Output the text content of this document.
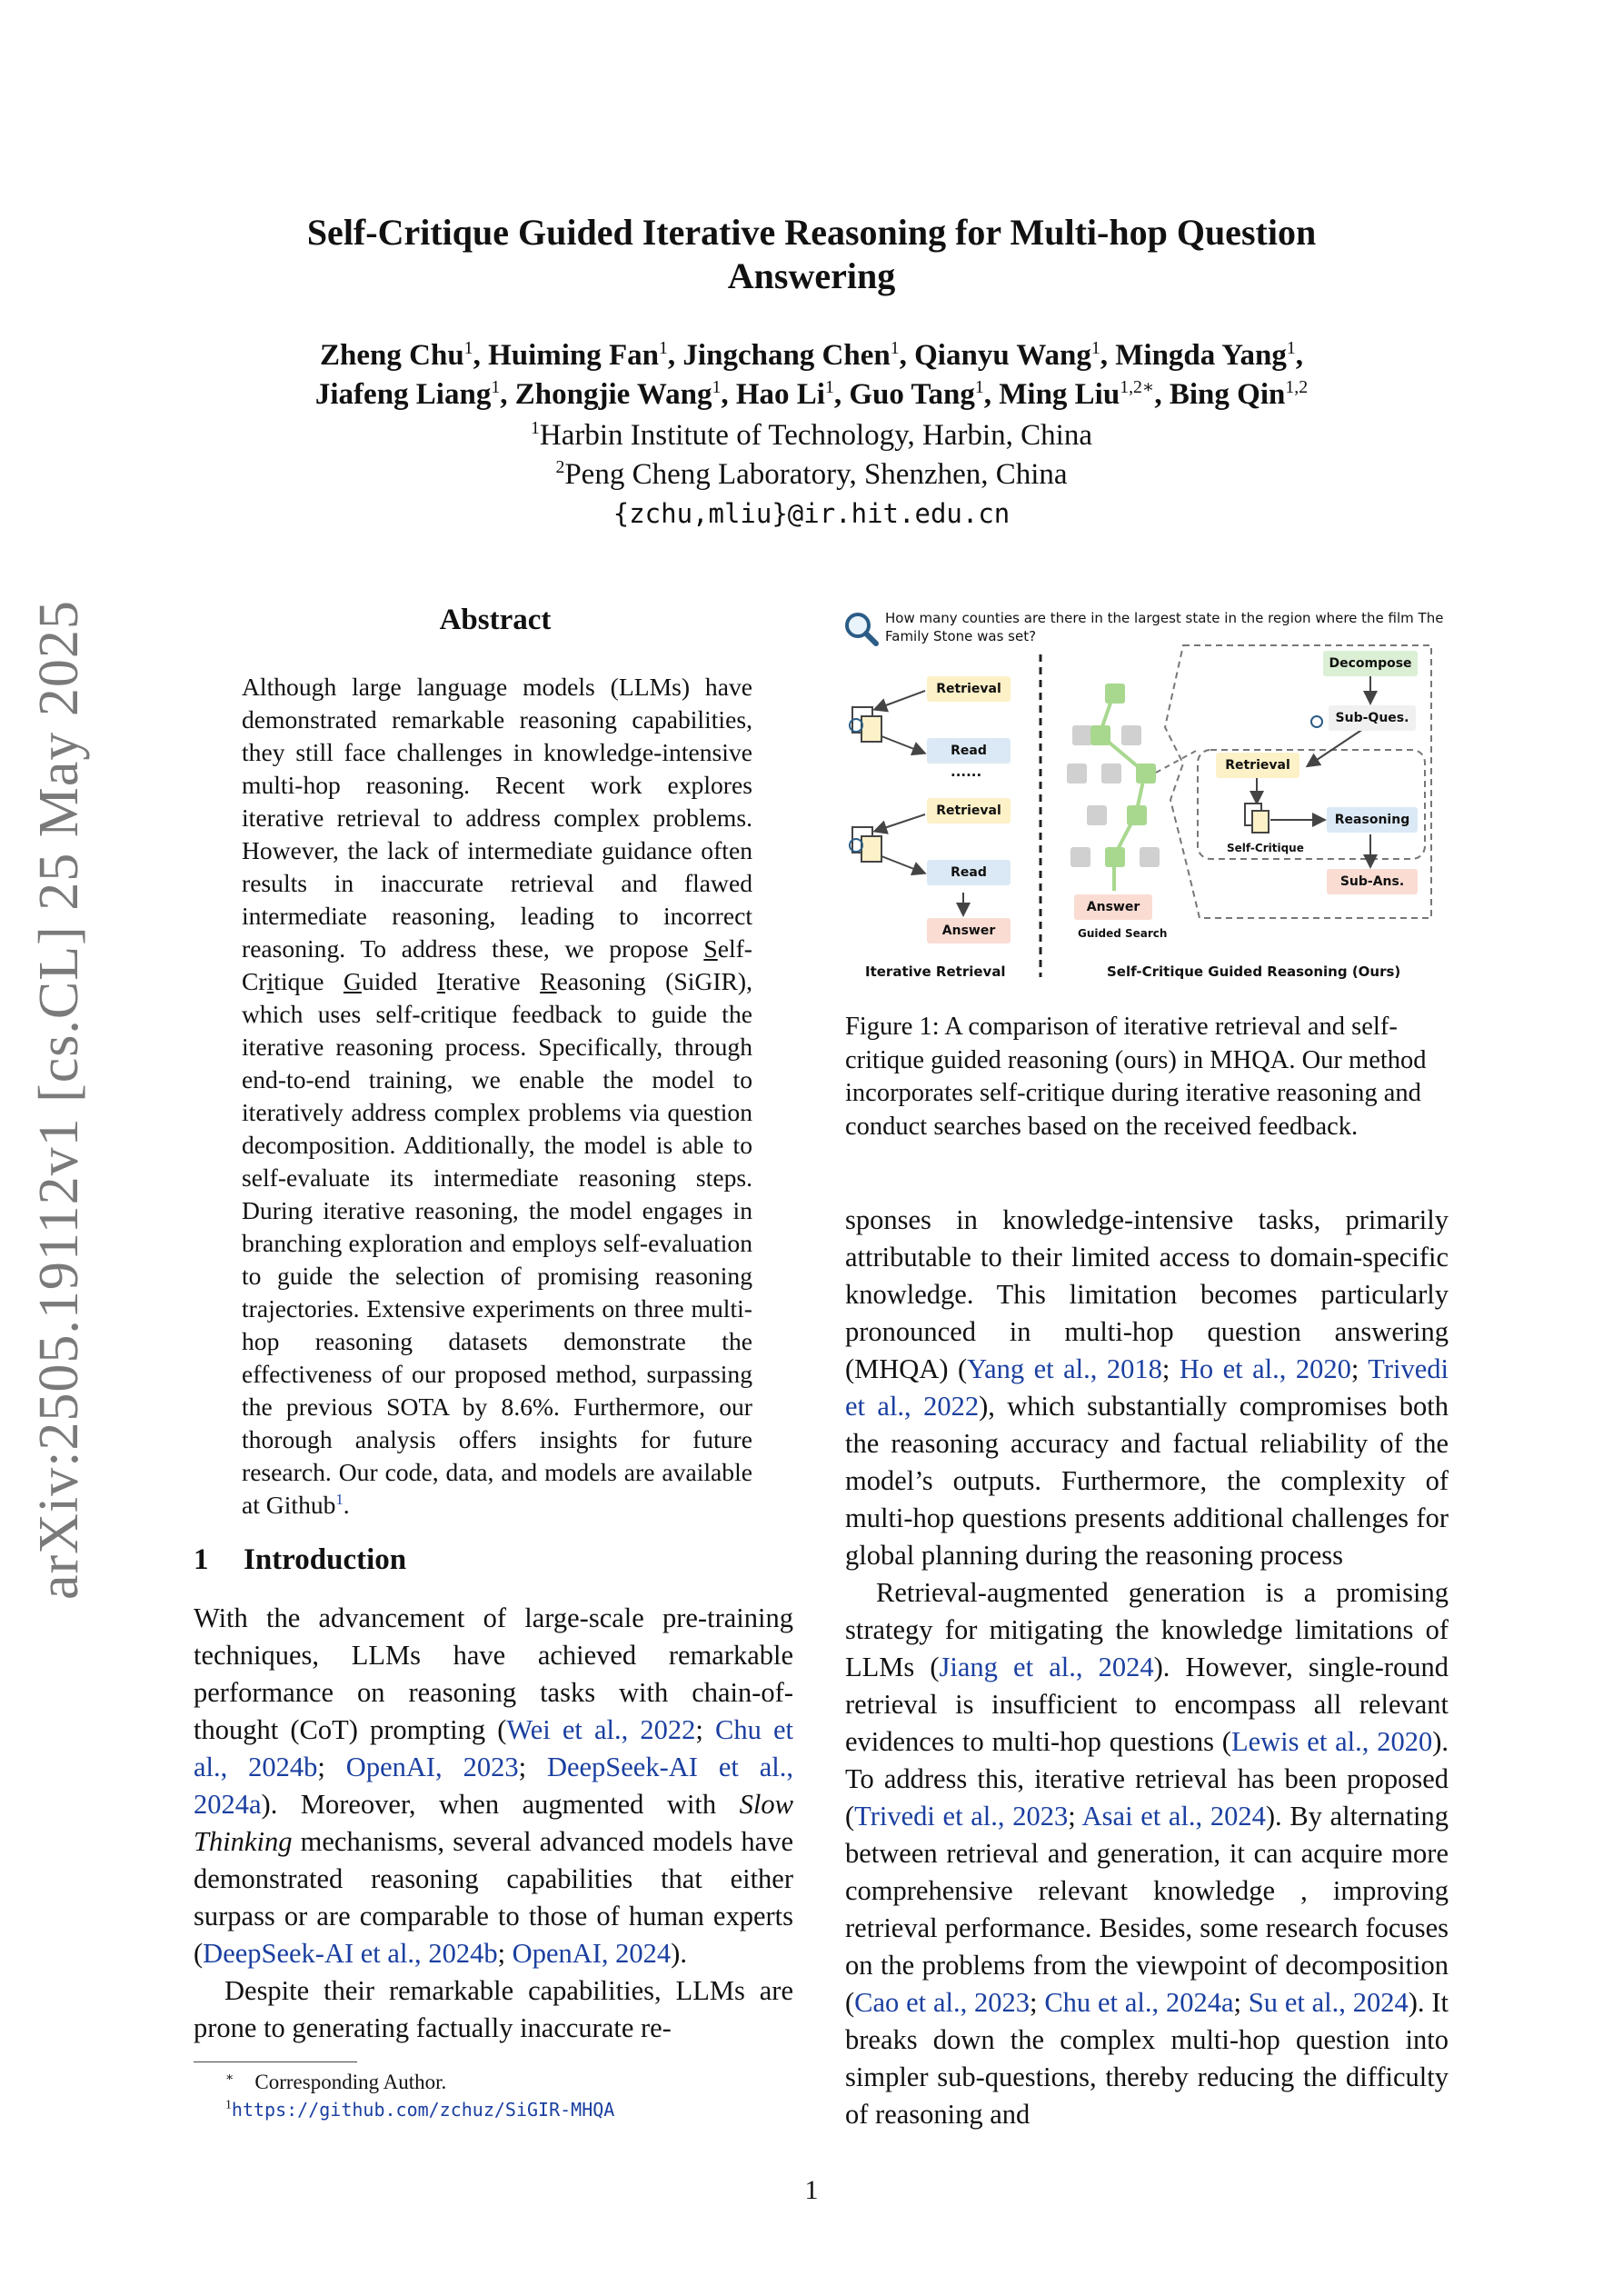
Self-Critique Guided Iterative Reasoning for Multi-hop Question
Answering
Zheng Chu$^1$, Huiming Fan$^1$, Jingchang Chen$^1$, Qianyu Wang$^1$, Mingda Yang$^1$,
Jiafeng Liang$^1$, Zhongjie Wang$^1$, Hao Li$^1$, Guo Tang$^1$, Ming Liu$^{1,2∗}$, Bing Qin$^{1,2}$
$^1$Harbin Institute of Technology, Harbin, China
$^2$Peng Cheng Laboratory, Shenzhen, China
{zchu,mliu}@ir.hit.edu.cn
arXiv:2505.19112v1 [cs.CL] 25 May 2025	Abstract
Although large language models (LLMs) have demonstrated remarkable reasoning capabilities, they still face challenges in knowledge-intensive multi-hop reasoning. Recent work explores iterative retrieval to address complex problems. However, the lack of intermediate guidance often results in inaccurate retrieval and flawed intermediate reasoning, leading to incorrect reasoning. To address these, we propose Self-Critique Guided Iterative Reasoning (SiGIR), which uses self-critique feedback to guide the iterative reasoning process. Specifically, through end-to-end training, we enable the model to iteratively address complex problems via question decomposition. Additionally, the model is able to self-evaluate its intermediate reasoning steps. During iterative reasoning, the model engages in branching exploration and employs self-evaluation to guide the selection of promising reasoning trajectories. Extensive experiments on three multi-hop reasoning datasets demonstrate the effectiveness of our proposed method, surpassing the previous SOTA by 8.6%. Furthermore, our thorough analysis offers insights for future research. Our code, data, and models are available at Github$^1$.
1 Introduction

With the advancement of large-scale pre-training techniques, LLMs have achieved remarkable performance on reasoning tasks with chain-of-thought (CoT) prompting (Wei et al., 2022; Chu et al., 2024b; OpenAI, 2023; DeepSeek-AI et al., 2024a). Moreover, when augmented with Slow Thinking mechanisms, several advanced models have demonstrated reasoning capabilities that either surpass or are comparable to those of human experts (DeepSeek-AI et al., 2024b; OpenAI, 2024).

Despite their remarkable capabilities, LLMs are prone to generating factually inaccurate re-

∗ Corresponding Author.
$^1$https://github.com/zchuz/SiGIR-MHQA
How many counties are there in the largest state in the region where the film The Family Stone was set?
Retrieval
Read
......
Retrieval
Read
Answer
Iterative Retrieval
Answer
Guided Search
Decompose
Sub-Ques.
Retrieval
Reasoning
Self-Critique
Sub-Ans.
Self-Critique Guided Reasoning (Ours)
Figure 1: A comparison of iterative retrieval and self-critique guided reasoning (ours) in MHQA. Our method incorporates self-critique during iterative reasoning and conduct searches based on the received feedback.

sponses in knowledge-intensive tasks, primarily attributable to their limited access to domain-specific knowledge. This limitation becomes particularly pronounced in multi-hop question answering (MHQA) (Yang et al., 2018; Ho et al., 2020; Trivedi et al., 2022), which substantially compromises both the reasoning accuracy and factual reliability of the model’s outputs. Furthermore, the complexity of multi-hop questions presents additional challenges for global planning during the reasoning process

Retrieval-augmented generation is a promising strategy for mitigating the knowledge limitations of LLMs (Jiang et al., 2024). However, single-round retrieval is insufficient to encompass all relevant evidences to multi-hop questions (Lewis et al., 2020). To address this, iterative retrieval has been proposed (Trivedi et al., 2023; Asai et al., 2024). By alternating between retrieval and generation, it can acquire more comprehensive relevant knowledge , improving retrieval performance. Besides, some research focuses on the problems from the viewpoint of decomposition (Cao et al., 2023; Chu et al., 2024a; Su et al., 2024). It breaks down the complex multi-hop question into simpler sub-questions, thereby reducing the difficulty of reasoning and

1
